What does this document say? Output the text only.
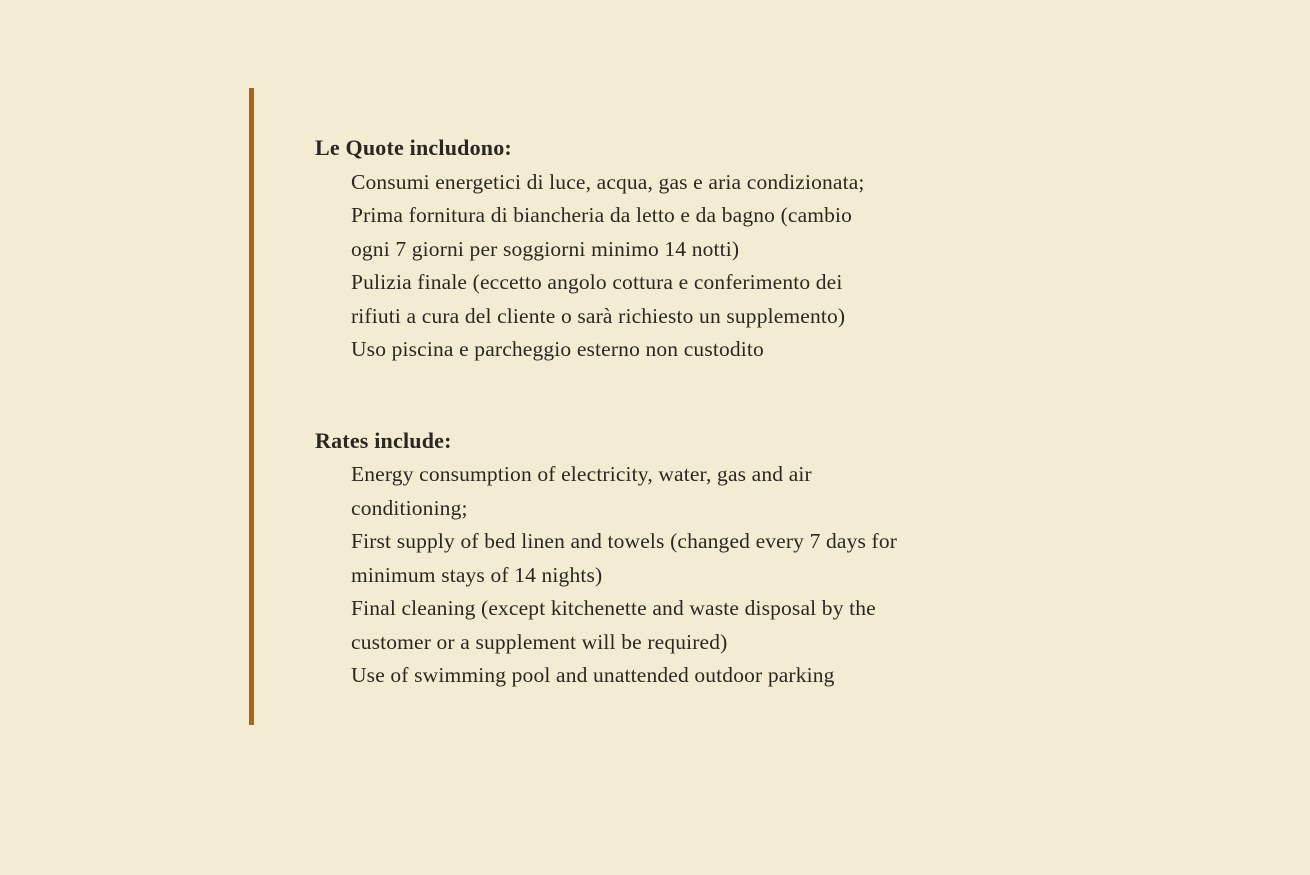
Le Quote includono:
Consumi energetici di luce, acqua, gas e aria condizionata;
Prima fornitura di biancheria da letto e da bagno (cambio
ogni 7 giorni per soggiorni minimo 14 notti)
Pulizia finale (eccetto angolo cottura e conferimento dei
rifiuti a cura del cliente o sarà richiesto un supplemento)
Uso piscina e parcheggio esterno non custodito
Rates include:
Energy consumption of electricity, water, gas and air
conditioning;
First supply of bed linen and towels (changed every 7 days for
minimum stays of 14 nights)
Final cleaning (except kitchenette and waste disposal by the
customer or a supplement will be required)
Use of swimming pool and unattended outdoor parking
